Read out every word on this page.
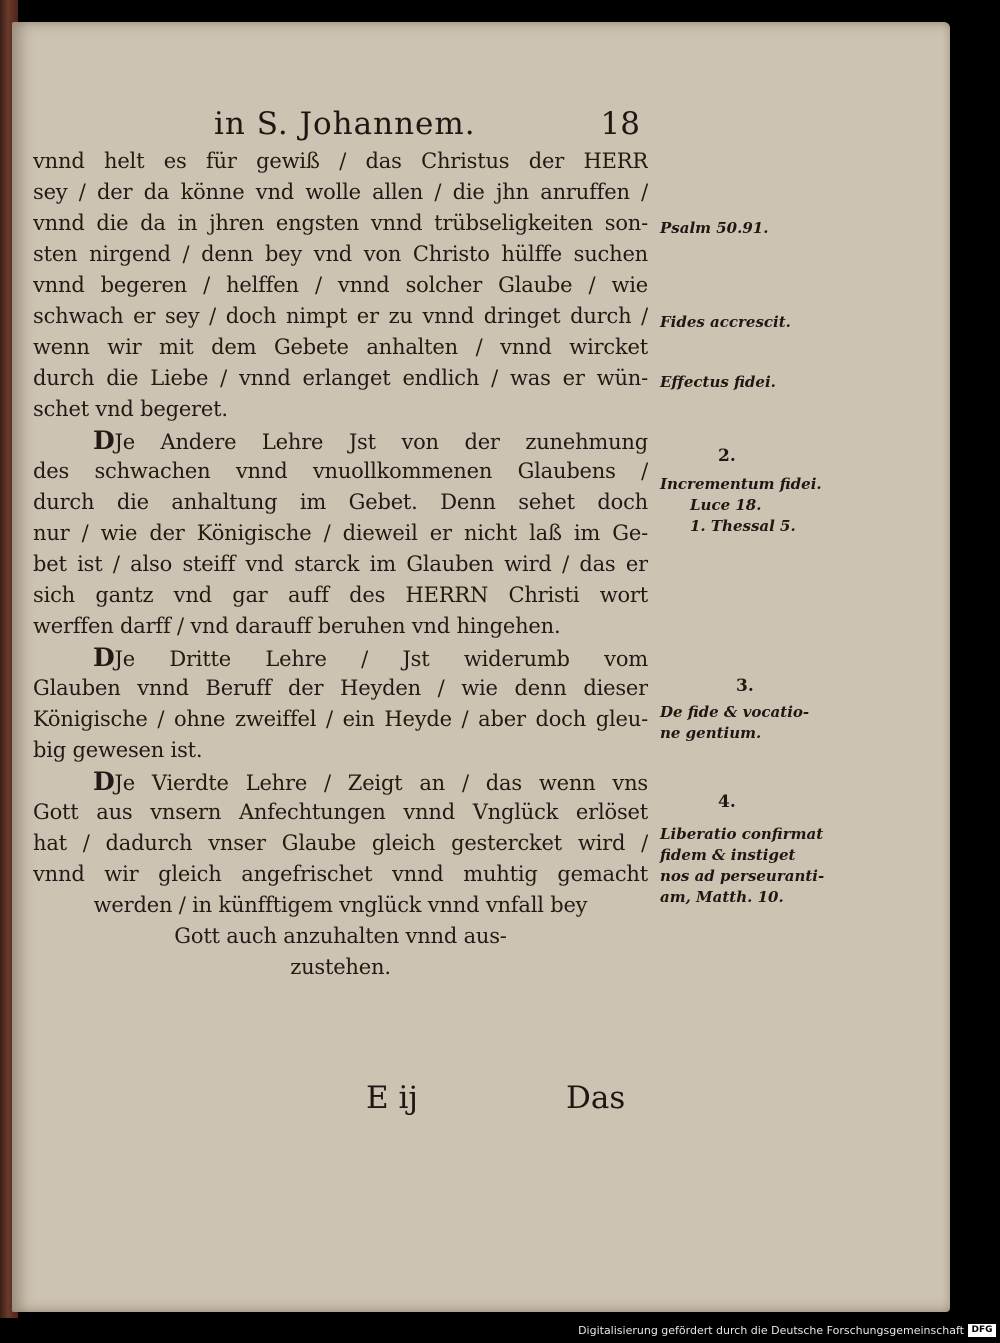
in S. Johannem.	18
vnnd helt es für gewiß / das Christus der HERR
sey / der da könne vnd wolle allen / die jhn anruffen /
vnnd die da in jhren engsten vnnd trübseligkeiten son-
sten nirgend / denn bey vnd von Christo hülffe suchen
vnnd begeren / helffen / vnnd solcher Glaube / wie
schwach er sey / doch nimpt er zu vnnd dringet durch /
wenn wir mit dem Gebete anhalten / vnnd wircket
durch die Liebe / vnnd erlanget endlich / was er wün-
schet vnd begeret.
DJe Andere Lehre Jst von der zunehmung
des schwachen vnnd vnuollkommenen Glaubens /
durch die anhaltung im Gebet. Denn sehet doch
nur / wie der Königische / dieweil er nicht laß im Ge-
bet ist / also steiff vnd starck im Glauben wird / das er
sich gantz vnd gar auff des HERRN Christi wort
werffen darff / vnd darauff beruhen vnd hingehen.
DJe Dritte Lehre / Jst widerumb vom
Glauben vnnd Beruff der Heyden / wie denn dieser
Königische / ohne zweiffel / ein Heyde / aber doch gleu-
big gewesen ist.
DJe Vierdte Lehre / Zeigt an / das wenn vns
Gott aus vnsern Anfechtungen vnnd Vnglück erlöset
hat / dadurch vnser Glaube gleich gestercket wird /
vnnd wir gleich angefrischet vnnd muhtig gemacht
werden / in künfftigem vnglück vnnd vnfall bey
Gott auch anzuhalten vnnd aus-
zustehen.
Psalm 50.91.
Fides accrescit.
Effectus fidei.
2.
Incrementum fidei.
Luce 18.
1. Thessal 5.
3.
De fide & vocatio-
ne gentium.
4.
Liberatio confirmat
fidem & instiget
nos ad perseuranti-
am, Matth. 10.
E ij	Das
Digitalisierung gefördert durch die Deutsche Forschungsgemeinschaft DFG
